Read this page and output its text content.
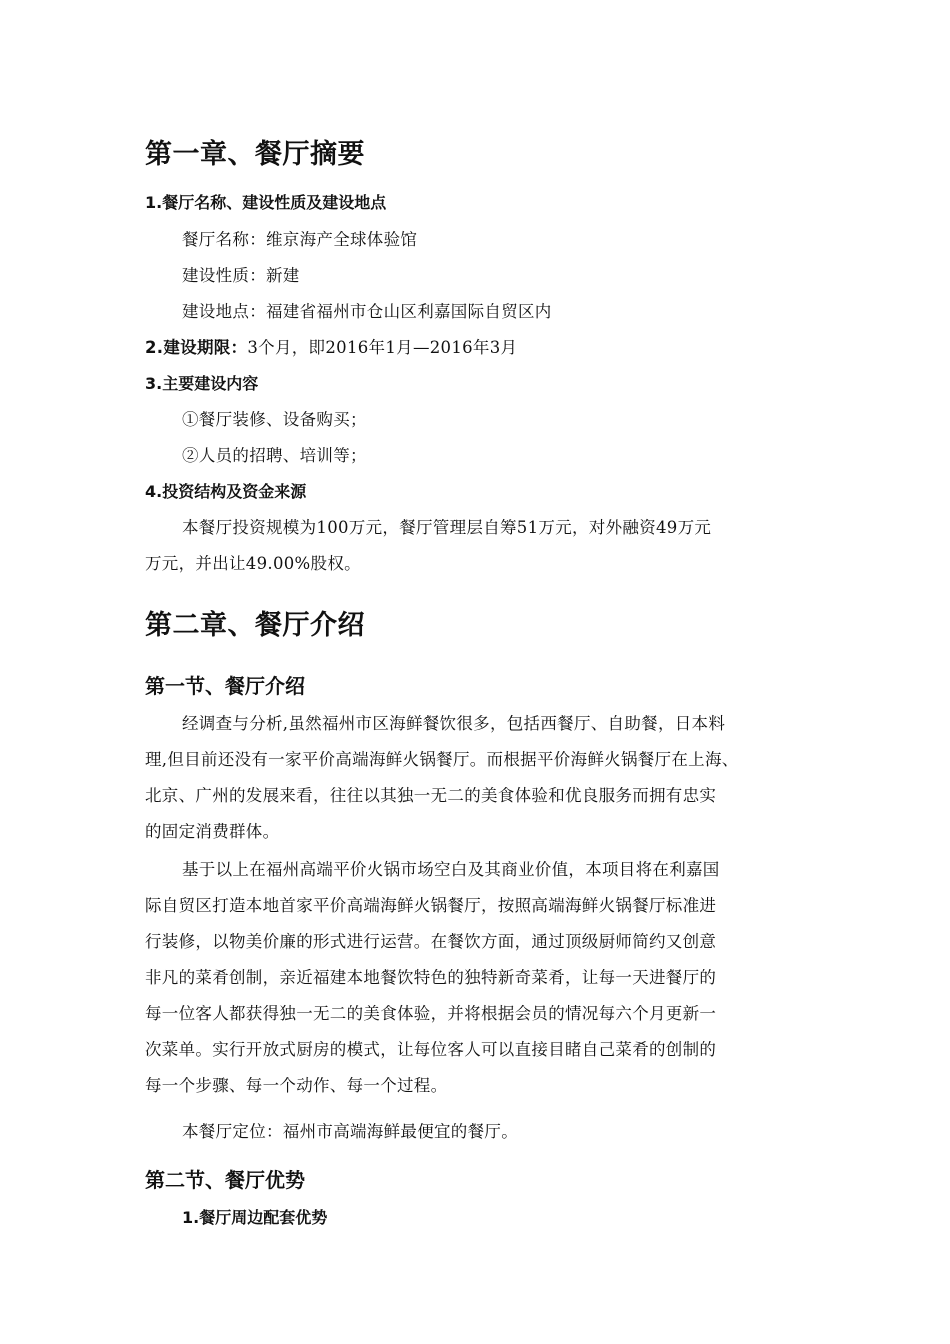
第一章、餐厅摘要
1.餐厅名称、建设性质及建设地点
餐厅名称：维京海产全球体验馆
建设性质：新建
建设地点：福建省福州市仓山区利嘉国际自贸区内
2.建设期限：3个月，即2016年1月—2016年3月
3.主要建设内容
①餐厅装修、设备购买；
②人员的招聘、培训等；
4.投资结构及资金来源
本餐厅投资规模为100万元，餐厅管理层自筹51万元，对外融资49万元
万元，并出让49.00%股权。
第二章、餐厅介绍
第一节、餐厅介绍
经调查与分析,虽然福州市区海鲜餐饮很多，包括西餐厅、自助餐，日本料
理,但目前还没有一家平价高端海鲜火锅餐厅。而根据平价海鲜火锅餐厅在上海、
北京、广州的发展来看，往往以其独一无二的美食体验和优良服务而拥有忠实
的固定消费群体。
基于以上在福州高端平价火锅市场空白及其商业价值，本项目将在利嘉国
际自贸区打造本地首家平价高端海鲜火锅餐厅，按照高端海鲜火锅餐厅标准进
行装修，以物美价廉的形式进行运营。在餐饮方面，通过顶级厨师简约又创意
非凡的菜肴创制，亲近福建本地餐饮特色的独特新奇菜肴，让每一天进餐厅的
每一位客人都获得独一无二的美食体验，并将根据会员的情况每六个月更新一
次菜单。实行开放式厨房的模式，让每位客人可以直接目睹自己菜肴的创制的
每一个步骤、每一个动作、每一个过程。
本餐厅定位：福州市高端海鲜最便宜的餐厅。
第二节、餐厅优势
1.餐厅周边配套优势
